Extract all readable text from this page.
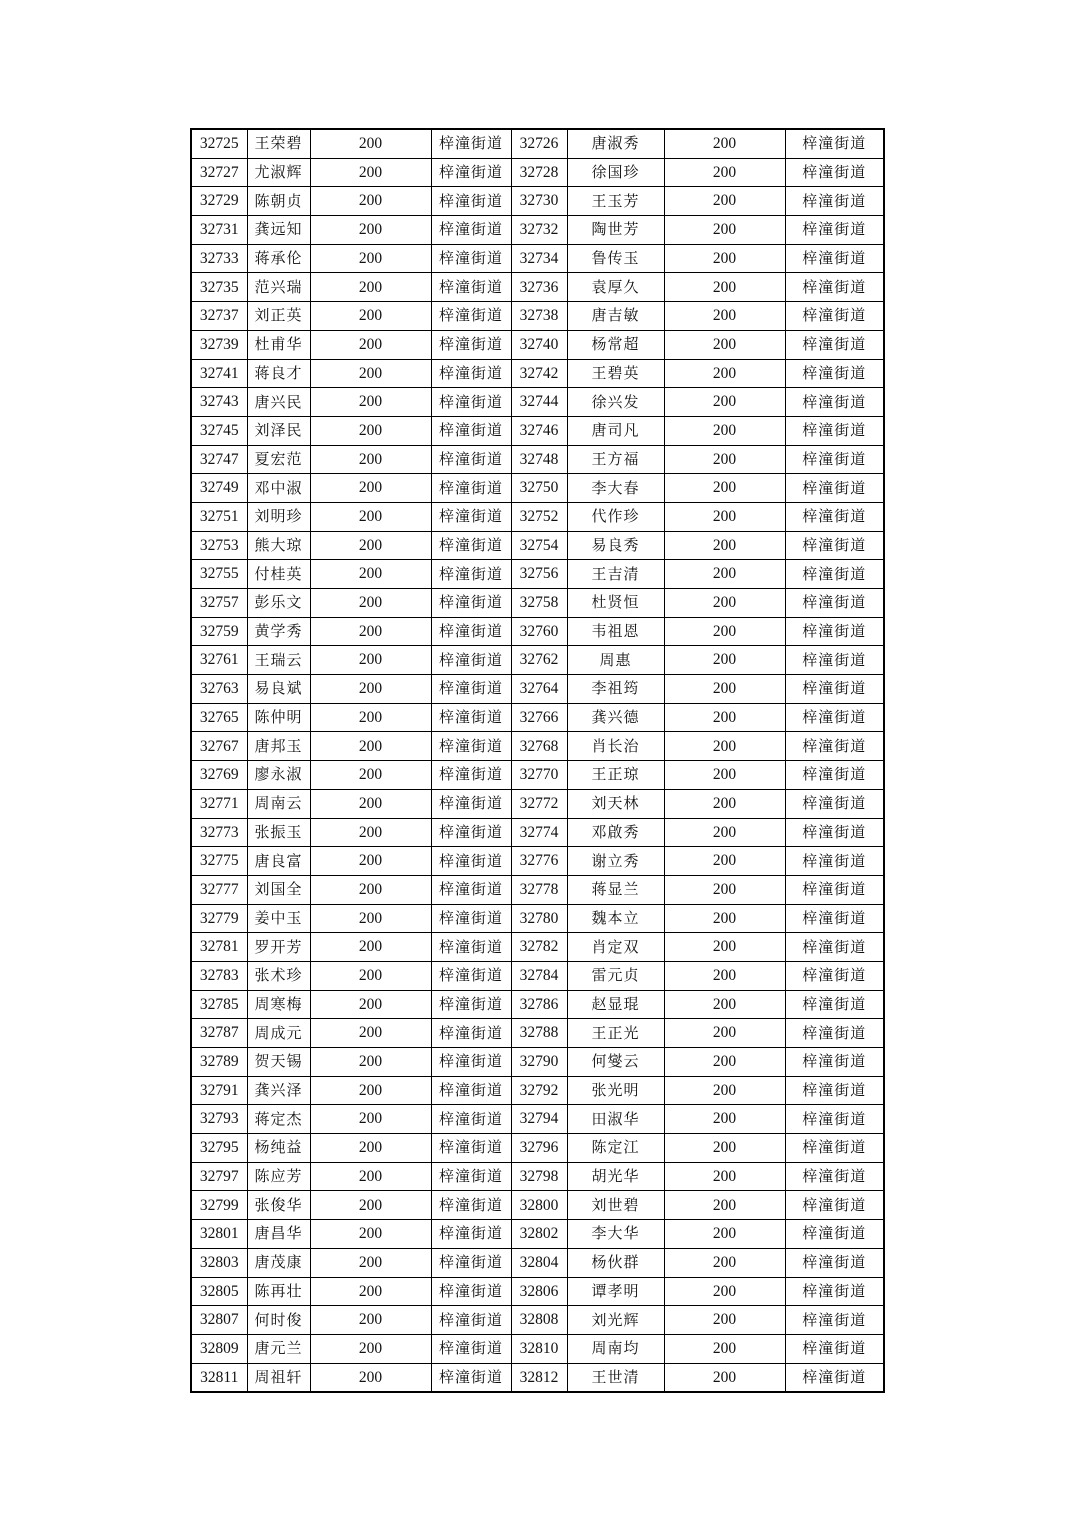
32725	王荣碧	200	梓潼街道	32726	唐淑秀	200	梓潼街道
32727	尤淑辉	200	梓潼街道	32728	徐国珍	200	梓潼街道
32729	陈朝贞	200	梓潼街道	32730	王玉芳	200	梓潼街道
32731	龚远知	200	梓潼街道	32732	陶世芳	200	梓潼街道
32733	蒋承伦	200	梓潼街道	32734	鲁传玉	200	梓潼街道
32735	范兴瑞	200	梓潼街道	32736	袁厚久	200	梓潼街道
32737	刘正英	200	梓潼街道	32738	唐吉敏	200	梓潼街道
32739	杜甫华	200	梓潼街道	32740	杨常超	200	梓潼街道
32741	蒋良才	200	梓潼街道	32742	王碧英	200	梓潼街道
32743	唐兴民	200	梓潼街道	32744	徐兴发	200	梓潼街道
32745	刘泽民	200	梓潼街道	32746	唐司凡	200	梓潼街道
32747	夏宏范	200	梓潼街道	32748	王方福	200	梓潼街道
32749	邓中淑	200	梓潼街道	32750	李大春	200	梓潼街道
32751	刘明珍	200	梓潼街道	32752	代作珍	200	梓潼街道
32753	熊大琼	200	梓潼街道	32754	易良秀	200	梓潼街道
32755	付桂英	200	梓潼街道	32756	王吉清	200	梓潼街道
32757	彭乐文	200	梓潼街道	32758	杜贤恒	200	梓潼街道
32759	黄学秀	200	梓潼街道	32760	韦祖恩	200	梓潼街道
32761	王瑞云	200	梓潼街道	32762	周惠	200	梓潼街道
32763	易良斌	200	梓潼街道	32764	李祖筠	200	梓潼街道
32765	陈仲明	200	梓潼街道	32766	龚兴德	200	梓潼街道
32767	唐邦玉	200	梓潼街道	32768	肖长治	200	梓潼街道
32769	廖永淑	200	梓潼街道	32770	王正琼	200	梓潼街道
32771	周南云	200	梓潼街道	32772	刘天林	200	梓潼街道
32773	张振玉	200	梓潼街道	32774	邓啟秀	200	梓潼街道
32775	唐良富	200	梓潼街道	32776	谢立秀	200	梓潼街道
32777	刘国全	200	梓潼街道	32778	蒋显兰	200	梓潼街道
32779	姜中玉	200	梓潼街道	32780	魏本立	200	梓潼街道
32781	罗开芳	200	梓潼街道	32782	肖定双	200	梓潼街道
32783	张术珍	200	梓潼街道	32784	雷元贞	200	梓潼街道
32785	周寒梅	200	梓潼街道	32786	赵显琨	200	梓潼街道
32787	周成元	200	梓潼街道	32788	王正光	200	梓潼街道
32789	贺天锡	200	梓潼街道	32790	何燮云	200	梓潼街道
32791	龚兴泽	200	梓潼街道	32792	张光明	200	梓潼街道
32793	蒋定杰	200	梓潼街道	32794	田淑华	200	梓潼街道
32795	杨纯益	200	梓潼街道	32796	陈定江	200	梓潼街道
32797	陈应芳	200	梓潼街道	32798	胡光华	200	梓潼街道
32799	张俊华	200	梓潼街道	32800	刘世碧	200	梓潼街道
32801	唐昌华	200	梓潼街道	32802	李大华	200	梓潼街道
32803	唐茂康	200	梓潼街道	32804	杨伙群	200	梓潼街道
32805	陈再壮	200	梓潼街道	32806	谭孝明	200	梓潼街道
32807	何时俊	200	梓潼街道	32808	刘光辉	200	梓潼街道
32809	唐元兰	200	梓潼街道	32810	周南均	200	梓潼街道
32811	周祖轩	200	梓潼街道	32812	王世清	200	梓潼街道
